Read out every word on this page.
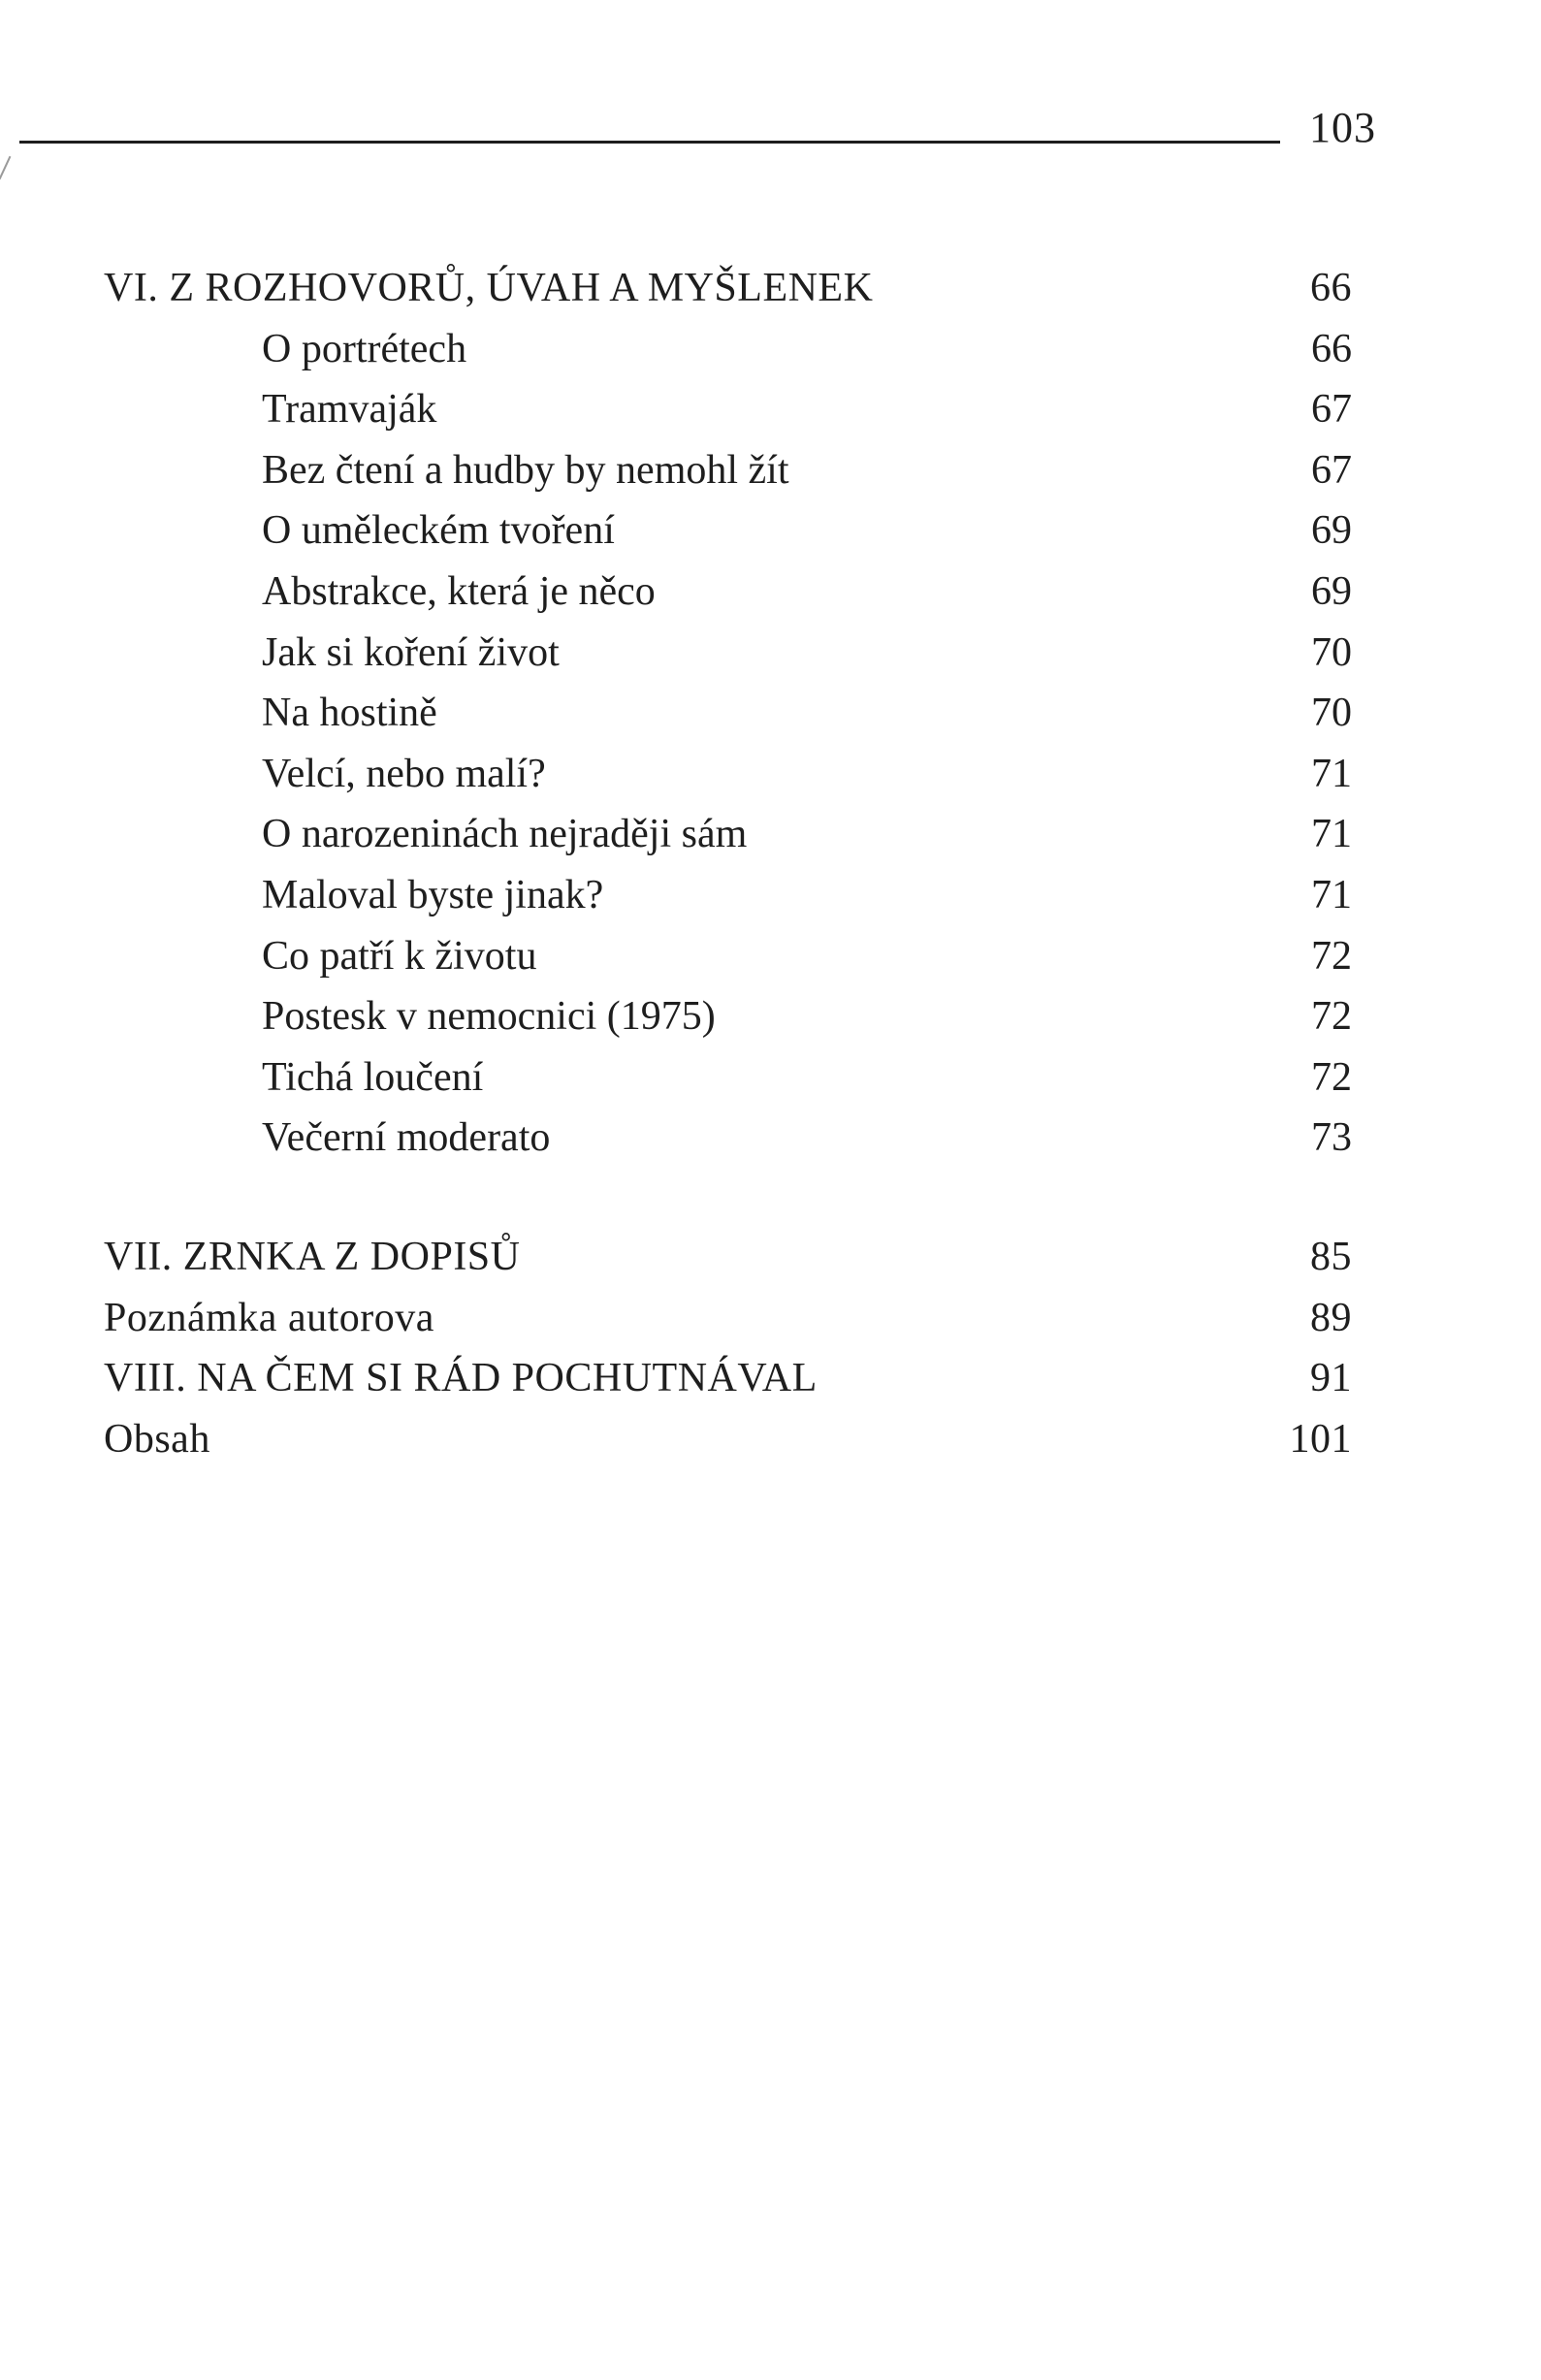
103
VI. Z ROZHOVORŮ, ÚVAH A MYŠLENEK	66
O portrétech	66
Tramvaják	67
Bez čtení a hudby by nemohl žít	67
O uměleckém tvoření	69
Abstrakce, která je něco	69
Jak si koření život	70
Na hostině	70
Velcí, nebo malí?	71
O narozeninách nejraději sám	71
Maloval byste jinak?	71
Co patří k životu	72
Postesk v nemocnici (1975)	72
Tichá loučení	72
Večerní moderato	73
VII. ZRNKA Z DOPISŮ	85
Poznámka autorova	89
VIII. NA ČEM SI RÁD POCHUTNÁVAL	91
Obsah	101
